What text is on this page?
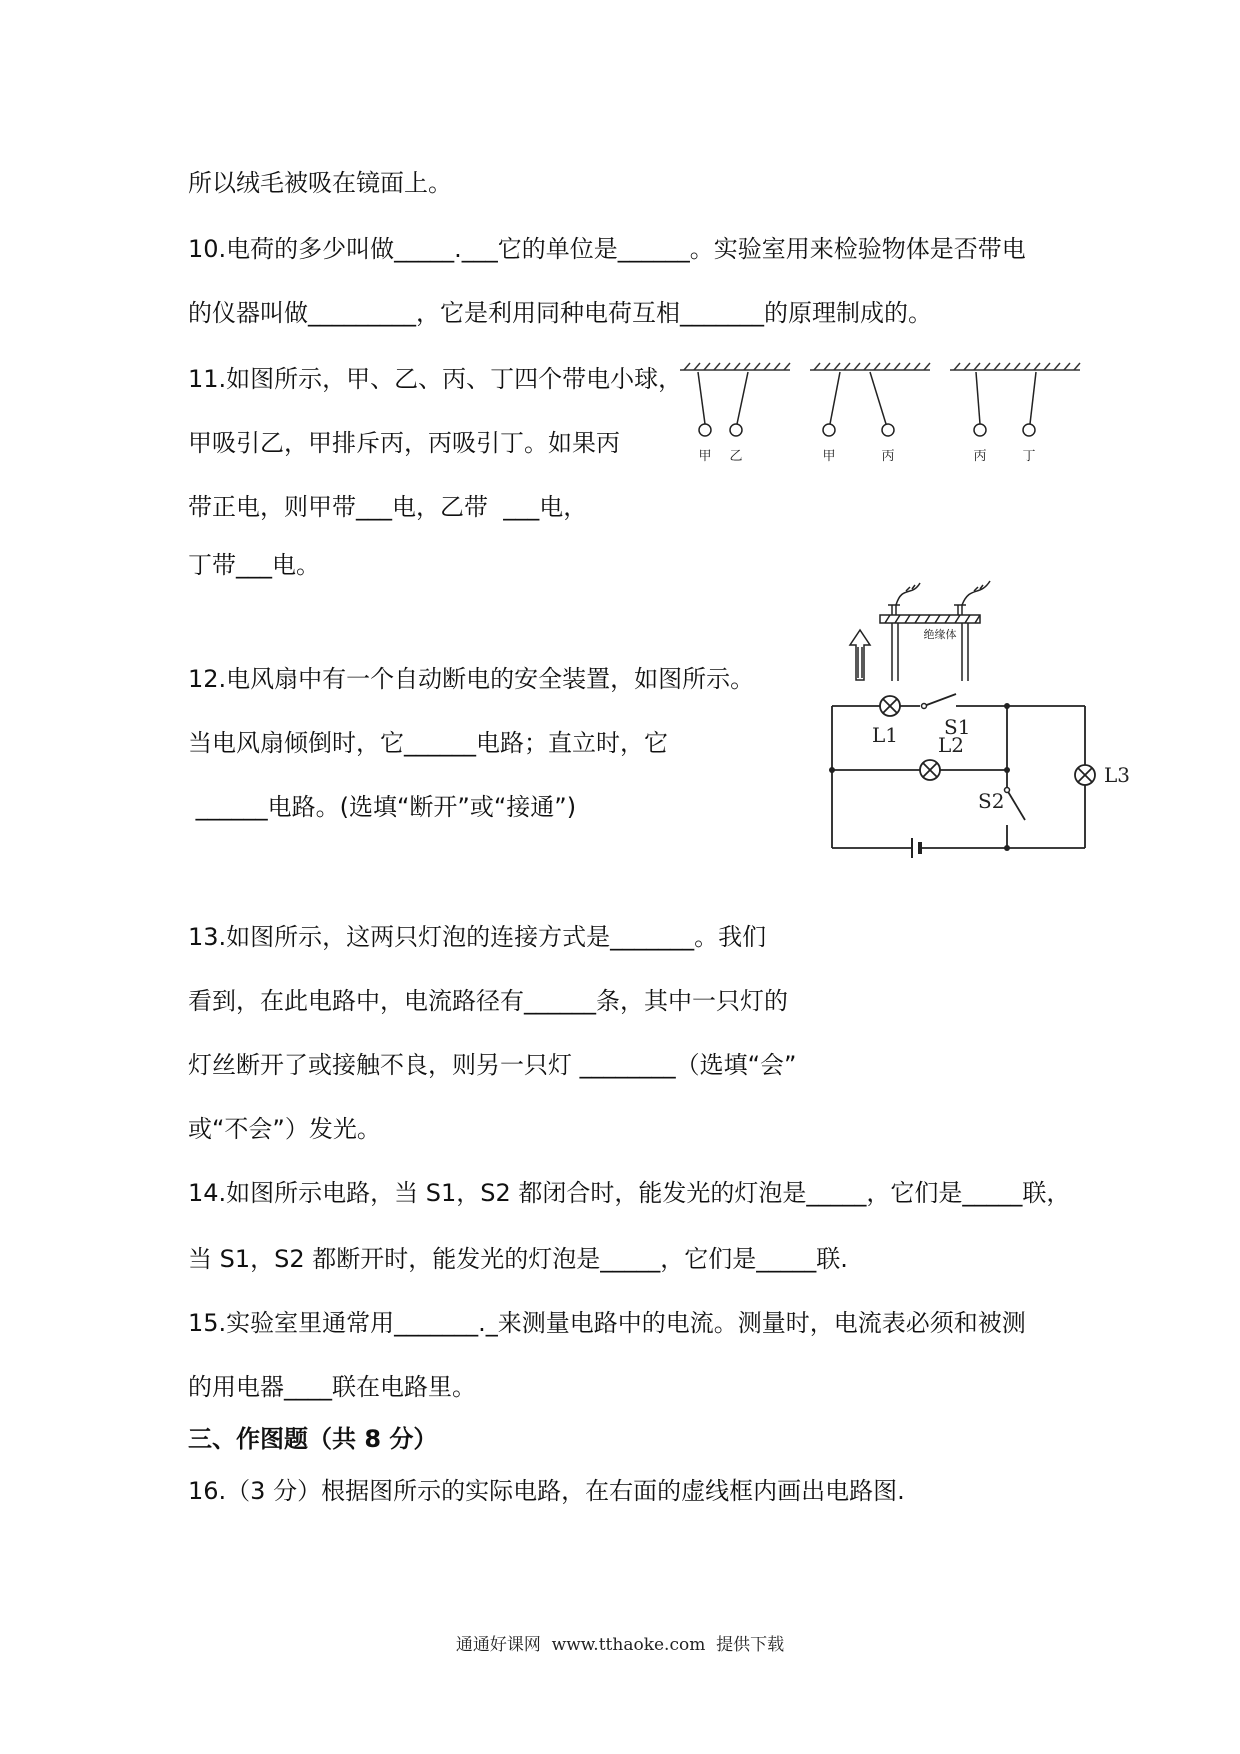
所以绒毛被吸在镜面上。
10.电荷的多少叫做_____.___它的单位是______。实验室用来检验物体是否带电
的仪器叫做_________，它是利用同种电荷互相_______的原理制成的。
11.如图所示，甲、乙、丙、丁四个带电小球，
甲吸引乙，甲排斥丙，丙吸引丁。如果丙
带正电，则甲带___电，乙带  ___电，
丁带___电。
12.电风扇中有一个自动断电的安全装置，如图所示。
当电风扇倾倒时，它______电路；直立时，它
______电路。(选填“断开”或“接通”)
13.如图所示，这两只灯泡的连接方式是_______。我们
看到，在此电路中，电流路径有______条，其中一只灯的
灯丝断开了或接触不良，则另一只灯 ________（选填“会”
或“不会”）发光。
14.如图所示电路，当 S1，S2 都闭合时，能发光的灯泡是_____，它们是_____联，
当 S1，S2 都断开时，能发光的灯泡是_____，它们是_____联.
15.实验室里通常用_______._来测量电路中的电流。测量时，电流表必须和被测
的用电器____联在电路里。
三、作图题（共 8 分）
16.（3 分）根据图所示的实际电路，在右面的虚线框内画出电路图.
甲 乙	甲	丙	丙	丁
绝缘体
L1 L2
L3
S1
S2
通通好课网  www.tthaoke.com  提供下载
